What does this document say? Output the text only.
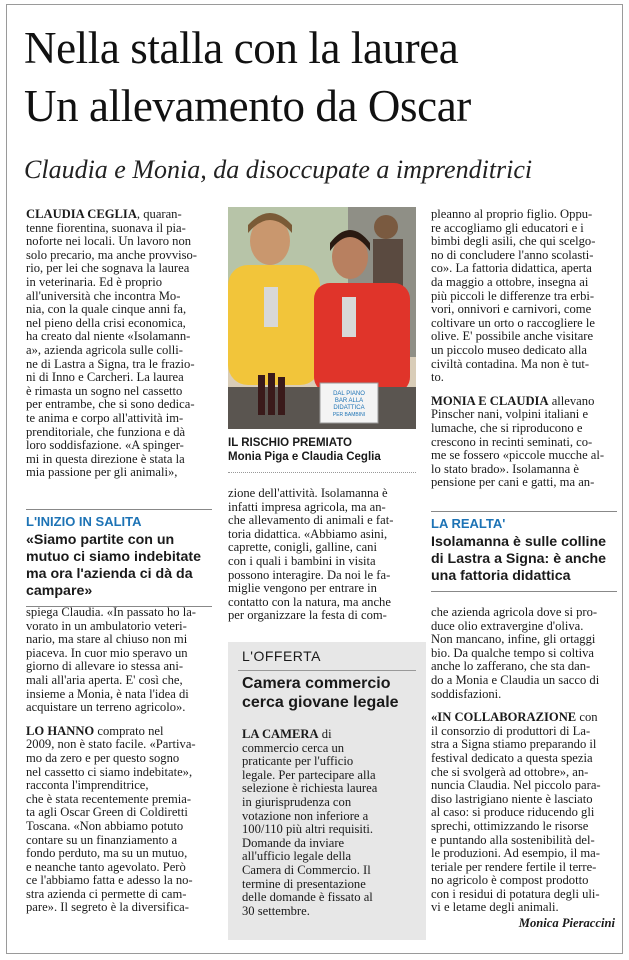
Nella stalla con la laurea
Un allevamento da Oscar
Claudia e Monia, da disoccupate a imprenditrici

CLAUDIA CEGLIA, quaran-
tenne fiorentina, suonava il pia-
noforte nei locali. Un lavoro non
solo precario, ma anche provviso-
rio, per lei che sognava la laurea
in veterinaria. Ed è proprio
all'università che incontra Mo-
nia, con la quale cinque anni fa,
nel pieno della crisi economica,
ha creato dal niente «Isolamann-
a», azienda agricola sulle colli-
ne di Lastra a Signa, tra le frazio-
ni di Inno e Carcheri. La laurea
è rimasta un sogno nel cassetto
per entrambe, che si sono dedica-
te anima e corpo all'attività im-
prenditoriale, che funziona e dà
loro soddisfazione. «A spinger-
mi in questa direzione è stata la
mia passione per gli animali»,

L'INIZIO IN SALITA
«Siamo partite con un mutuo ci siamo indebitate ma ora l'azienda ci dà da campare»

spiega Claudia. «In passato ho la-
vorato in un ambulatorio veteri-
nario, ma stare al chiuso non mi
piaceva. In cuor mio speravo un
giorno di allevare io stessa ani-
mali all'aria aperta. E' così che,
insieme a Monia, è nata l'idea di
acquistare un terreno agricolo».

LO HANNO comprato nel
2009, non è stato facile. «Partiva-
mo da zero e per questo sogno
nel cassetto ci siamo indebitate»,
racconta l'imprenditrice,
che è stata recentemente premia-
ta agli Oscar Green di Coldiretti
Toscana. «Non abbiamo potuto
contare su un finanziamento a
fondo perduto, ma su un mutuo,
e neanche tanto agevolato. Però
ce l'abbiamo fatta e adesso la no-
stra azienda ci permette di cam-
pare». Il segreto è la diversifica-

DAL PIANO
BAR ALLA
DIDATTICA
PER BAMBINI
IL RISCHIO PREMIATO
Monia Piga e Claudia Ceglia

zione dell'attività. Isolamanna è
infatti impresa agricola, ma an-
che allevamento di animali e fat-
toria didattica. «Abbiamo asini,
caprette, conigli, galline, cani
con i quali i bambini in visita
possono interagire. Da noi le fa-
miglie vengono per entrare in
contatto con la natura, ma anche
per organizzare la festa di com-

L'OFFERTA
Camera commercio cerca giovane legale

LA CAMERA di
commercio cerca un
praticante per l'ufficio
legale. Per partecipare alla
selezione è richiesta laurea
in giurisprudenza con
votazione non inferiore a
100/110 più altri requisiti.
Domande da inviare
all'ufficio legale della
Camera di Commercio. Il
termine di presentazione
delle domande è fissato al
30 settembre.

pleanno al proprio figlio. Oppu-
re accogliamo gli educatori e i
bimbi degli asili, che qui scelgo-
no di concludere l'anno scolasti-
co». La fattoria didattica, aperta
da maggio a ottobre, insegna ai
più piccoli le differenze tra erbi-
vori, onnivori e carnivori, come
coltivare un orto o raccogliere le
olive. E' possibile anche visitare
un piccolo museo dedicato alla
civiltà contadina. Ma non è tut-
to.

MONIA E CLAUDIA allevano
Pinscher nani, volpini italiani e
lumache, che si riproducono e
crescono in recinti seminati, co-
me se fossero «piccole mucche al-
lo stato brado». Isolamanna è
pensione per cani e gatti, ma an-

LA REALTA'
Isolamanna è sulle colline di Lastra a Signa: è anche una fattoria didattica

che azienda agricola dove si pro-
duce olio extravergine d'oliva.
Non mancano, infine, gli ortaggi
bio. Da qualche tempo si coltiva
anche lo zafferano, che sta dan-
do a Monia e Claudia un sacco di
soddisfazioni.

«IN COLLABORAZIONE con
il consorzio di produttori di La-
stra a Signa stiamo preparando il
festival dedicato a questa spezia
che si svolgerà ad ottobre», an-
nuncia Claudia. Nel piccolo para-
diso lastrigiano niente è lasciato
al caso: si produce riducendo gli
sprechi, ottimizzando le risorse
e puntando alla sostenibilità del-
le produzioni. Ad esempio, il ma-
teriale per rendere fertile il terre-
no agricolo è compost prodotto
con i residui di potatura degli uli-
vi e letame degli animali.

Monica Pieraccini
